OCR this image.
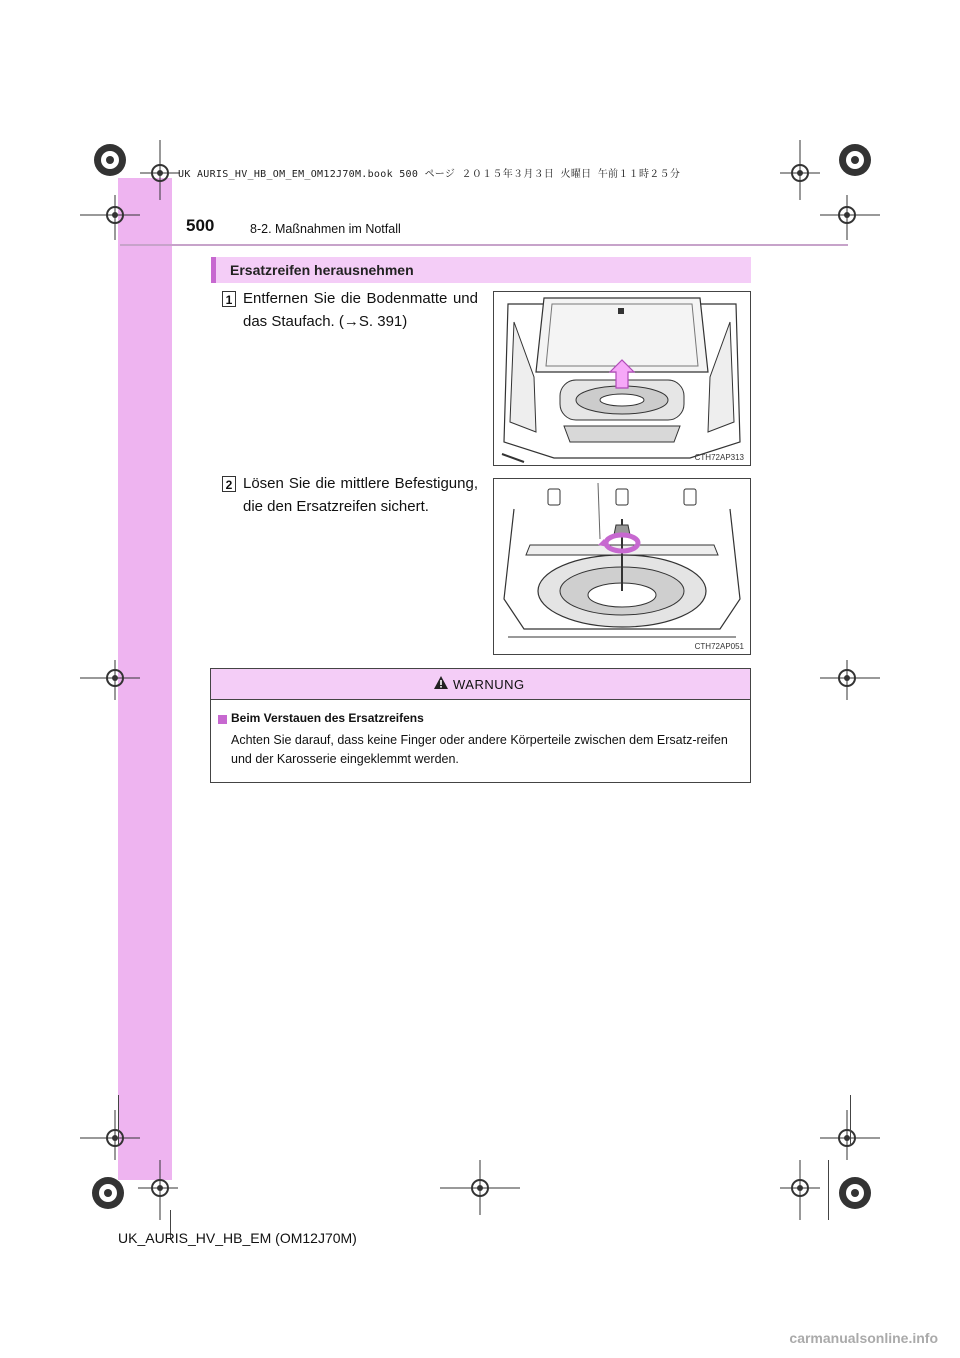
UK AURIS_HV_HB_OM_EM_OM12J70M.book 500 ページ ２０１５年３月３日 火曜日 午前１１時２５分
500	8-2. Maßnahmen im Notfall
Ersatzreifen herausnehmen
1 Entfernen Sie die Bodenmatte und das Staufach. (→S. 391)
CTH72AP313
2 Lösen Sie die mittlere Befestigung, die den Ersatzreifen sichert.
CTH72AP051
WARNUNG
Beim Verstauen des Ersatzreifens
Achten Sie darauf, dass keine Finger oder andere Körperteile zwischen dem Ersatz-reifen und der Karosserie eingeklemmt werden.
UK_AURIS_HV_HB_EM (OM12J70M)
carmanualsonline.info
